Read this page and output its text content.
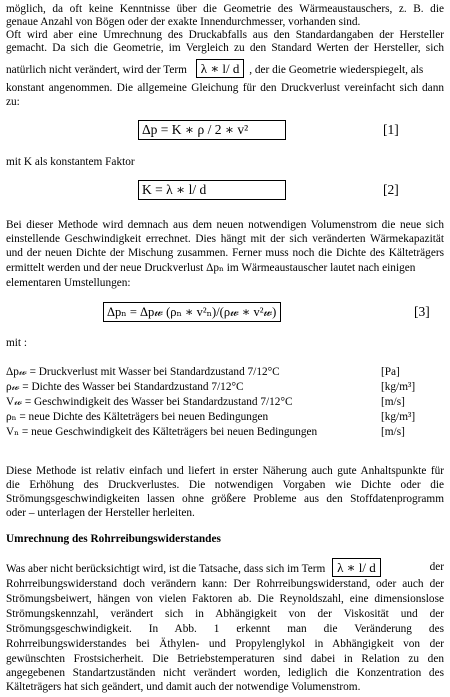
möglich, da oft keine Kenntnisse über die Geometrie des Wärmeaustauschers, z. B. die
genaue Anzahl von Bögen oder der exakte Innendurchmesser, vorhanden sind.
Oft wird aber eine Umrechnung des Druckabfalls aus den Standardangaben der Hersteller
gemacht. Da sich die Geometrie, im Vergleich zu den Standard Werten der Hersteller, sich
natürlich nicht verändert, wird der Term λ ∗ l/ d , der die Geometrie wiederspiegelt, als
konstant angenommen. Die allgemeine Gleichung für den Druckverlust vereinfacht sich dann
zu:
Δp = K ∗ ρ / 2 ∗ v²	[1]
mit K als konstantem Faktor
K = λ ∗ l/ d	[2]
Bei dieser Methode wird demnach aus dem neuen notwendigen Volumenstrom die neue sich
einstellende Geschwindigkeit errechnet. Dies hängt mit der sich veränderten Wärmekapazität
und der neuen Dichte der Mischung zusammen. Ferner muss noch die Dichte des Kälteträgers
ermittelt werden und der neue Druckverlust Δpₙ im Wärmeaustauscher lautet nach einigen
elementaren Umstellungen:
Δpₙ = Δp𝓌 (ρₙ ∗ v²ₙ)/(ρ𝓌 ∗ v²𝓌)	[3]
mit :
Δp𝓌 = Druckverlust mit Wasser bei Standardzustand 7/12°C	[Pa]
ρ𝓌 = Dichte des Wasser bei Standardzustand 7/12°C	[kg/m³]
V𝓌 = Geschwindigkeit des Wasser bei Standardzustand 7/12°C	[m/s]
ρₙ = neue Dichte des Kälteträgers bei neuen Bedingungen	[kg/m³]
Vₙ = neue Geschwindigkeit des Kälteträgers bei neuen Bedingungen	[m/s]
Diese Methode ist relativ einfach und liefert in erster Näherung auch gute Anhaltspunkte für
die Erhöhung des Druckverlustes. Die notwendigen Vorgaben wie Dichte oder die
Strömungsgeschwindigkeiten lassen ohne größere Probleme aus den Stoffdatenprogramm
oder – unterlagen der Hersteller herleiten.
Umrechnung des Rohrreibungswiderstandes
Was aber nicht berücksichtigt wird, ist die Tatsache, dass sich im Term λ ∗ l/ d	der
Rohrreibungswiderstand doch verändern kann: Der Rohrreibungswiderstand, oder auch der
Strömungsbeiwert, hängen von vielen Faktoren ab. Die Reynoldszahl, eine dimensionslose
Strömungskennzahl, verändert sich in Abhängigkeit von der Viskosität und der
Strömungsgeschwindigkeit. In Abb. 1 erkennt man die Veränderung des
Rohrreibungswiderstandes bei Äthylen- und Propylenglykol in Abhängigkeit von der
gewünschten Frostsicherheit. Die Betriebstemperaturen sind dabei in Relation zu den
angegebenen Standartzuständen nicht verändert worden, lediglich die Konzentration des
Kälteträgers hat sich geändert, und damit auch der notwendige Volumenstrom.
